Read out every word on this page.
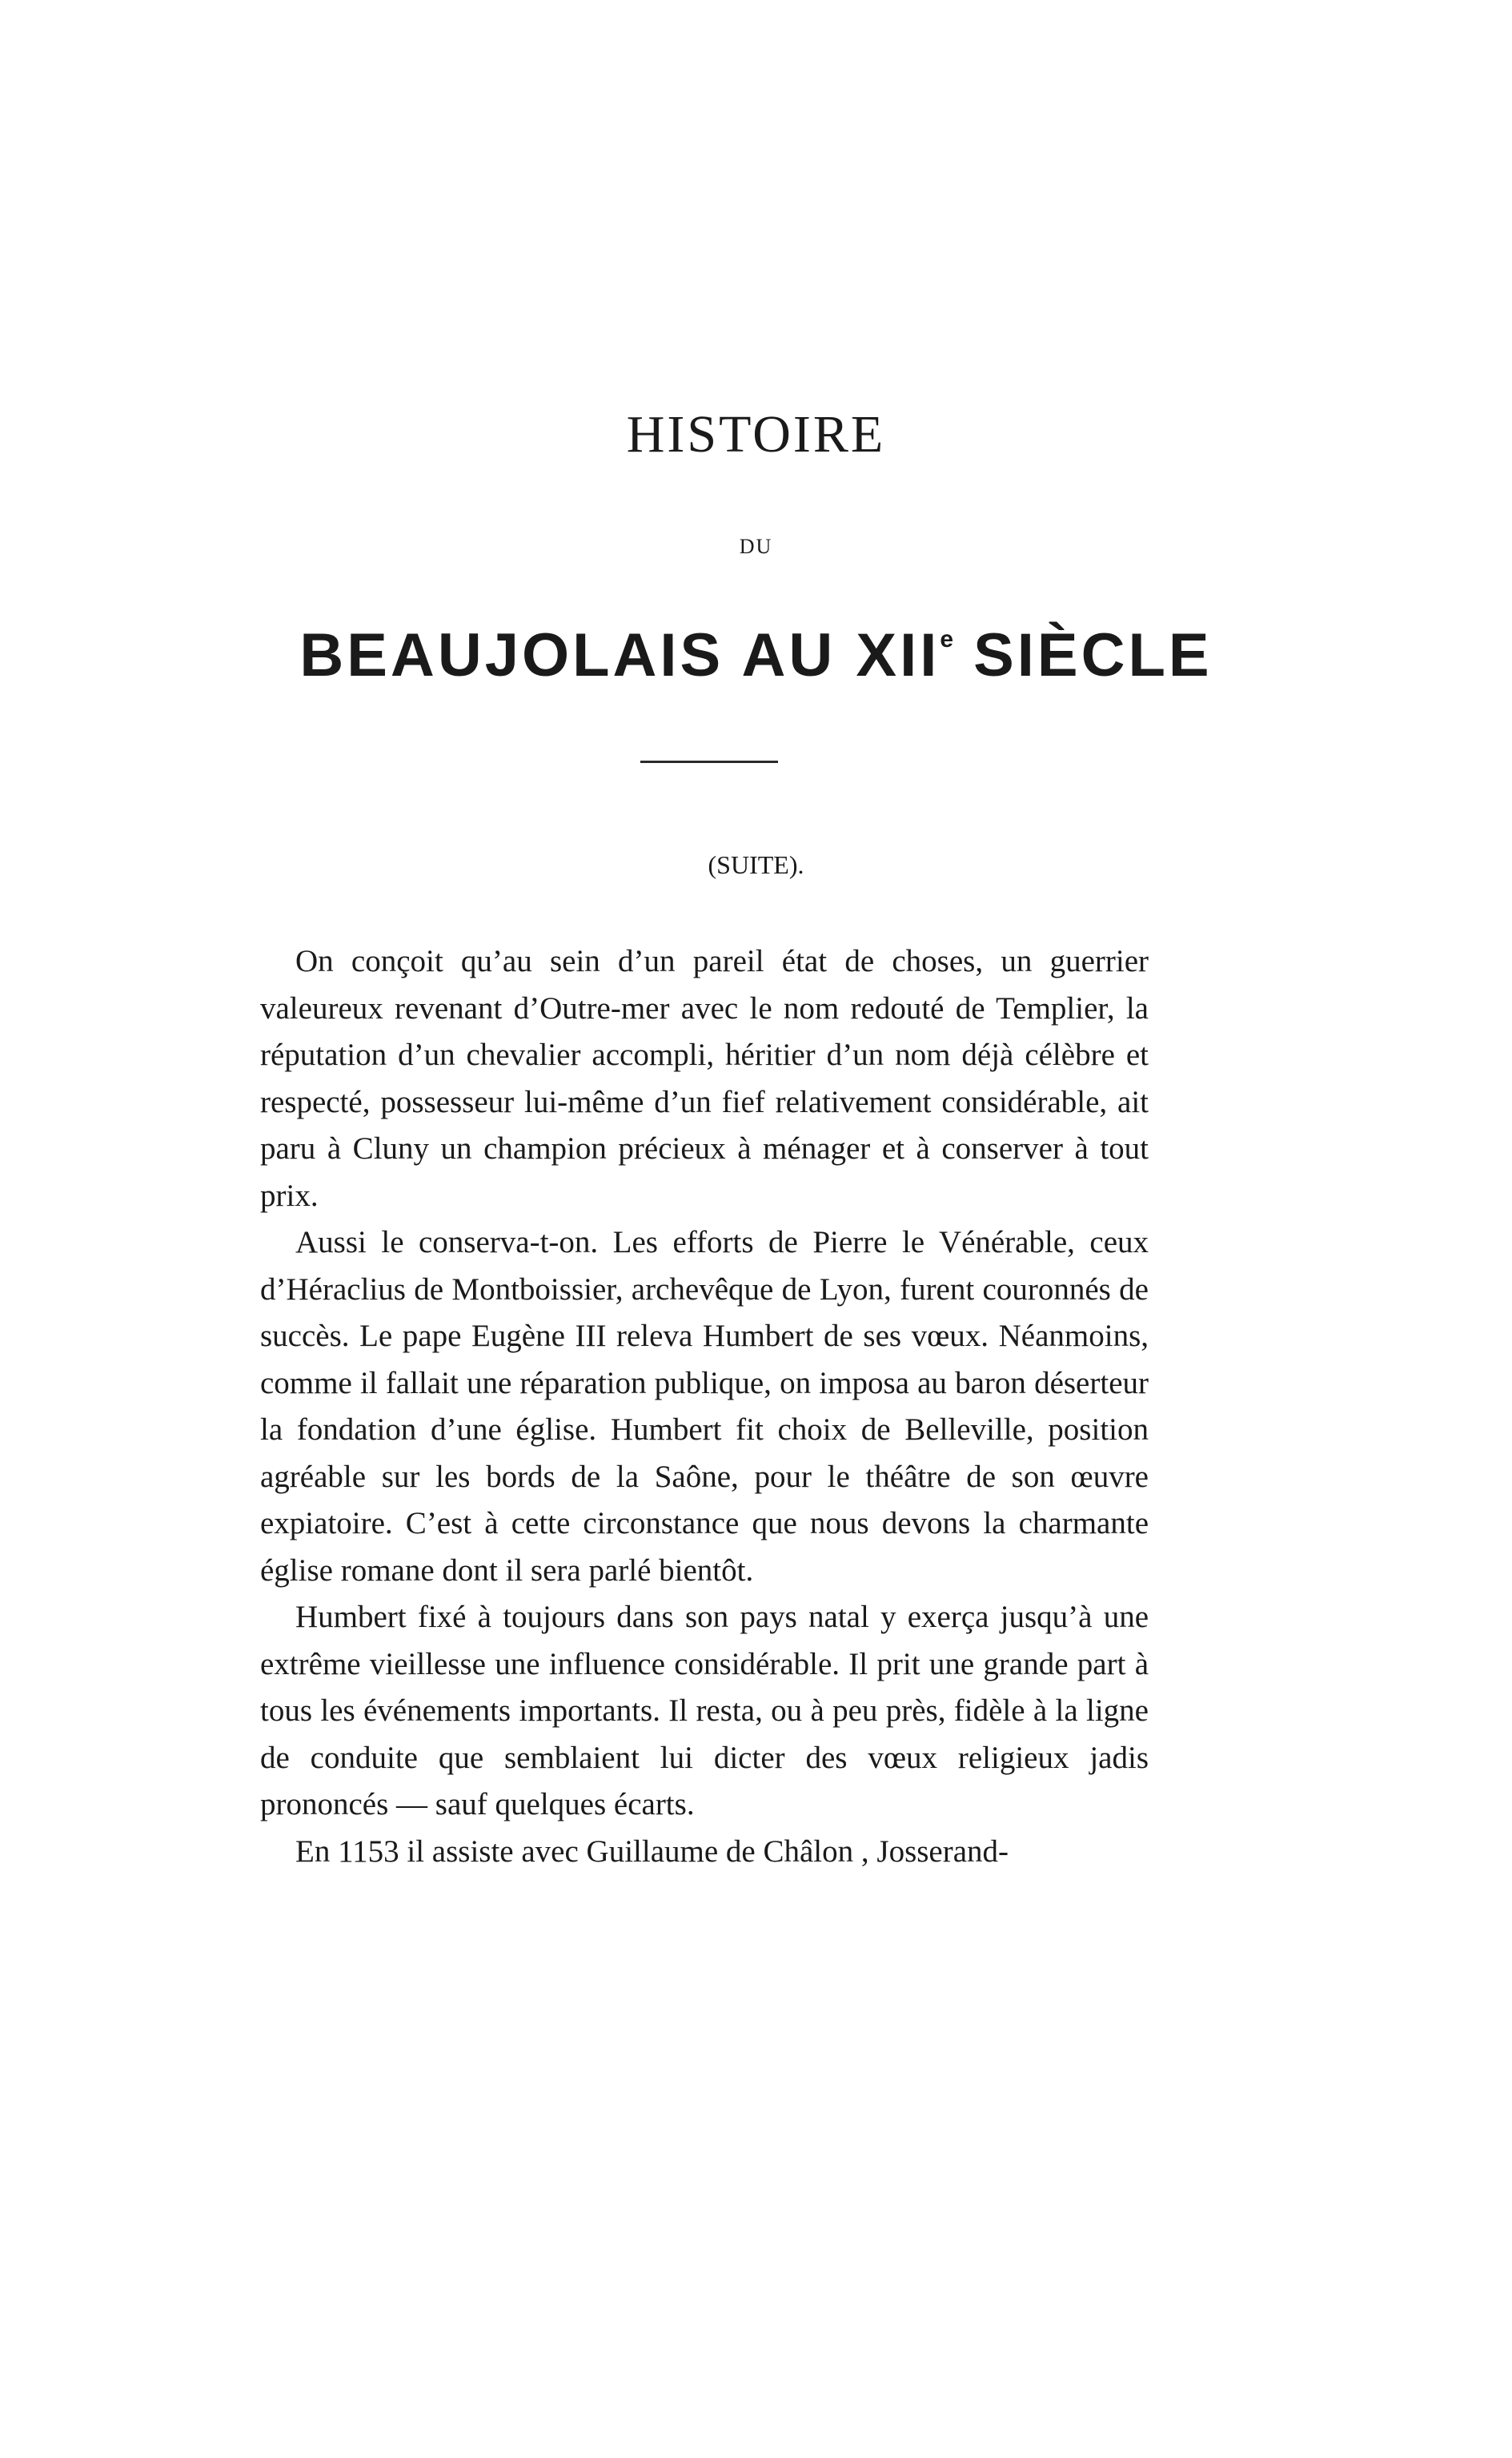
HISTOIRE
DU
BEAUJOLAIS AU XIIe SIÈCLE
(SUITE).

On conçoit qu’au sein d’un pareil état de choses, un guerrier valeureux revenant d’Outre-mer avec le nom redouté de Templier, la réputation d’un chevalier accompli, héritier d’un nom déjà célèbre et respecté, possesseur lui-même d’un fief relativement considérable, ait paru à Cluny un champion précieux à ménager et à conserver à tout prix.

Aussi le conserva-t-on. Les efforts de Pierre le Vénérable, ceux d’Héraclius de Montboissier, archevêque de Lyon, furent couronnés de succès. Le pape Eugène III releva Humbert de ses vœux. Néanmoins, comme il fallait une réparation publique, on imposa au baron déserteur la fondation d’une église. Humbert fit choix de Belleville, position agréable sur les bords de la Saône, pour le théâtre de son œuvre expiatoire. C’est à cette circonstance que nous devons la charmante église romane dont il sera parlé bientôt.

Humbert fixé à toujours dans son pays natal y exerça jusqu’à une extrême vieillesse une influence considérable. Il prit une grande part à tous les événements importants. Il resta, ou à peu près, fidèle à la ligne de conduite que semblaient lui dicter des vœux religieux jadis prononcés — sauf quelques écarts.

En 1153 il assiste avec Guillaume de Châlon , Josserand-
